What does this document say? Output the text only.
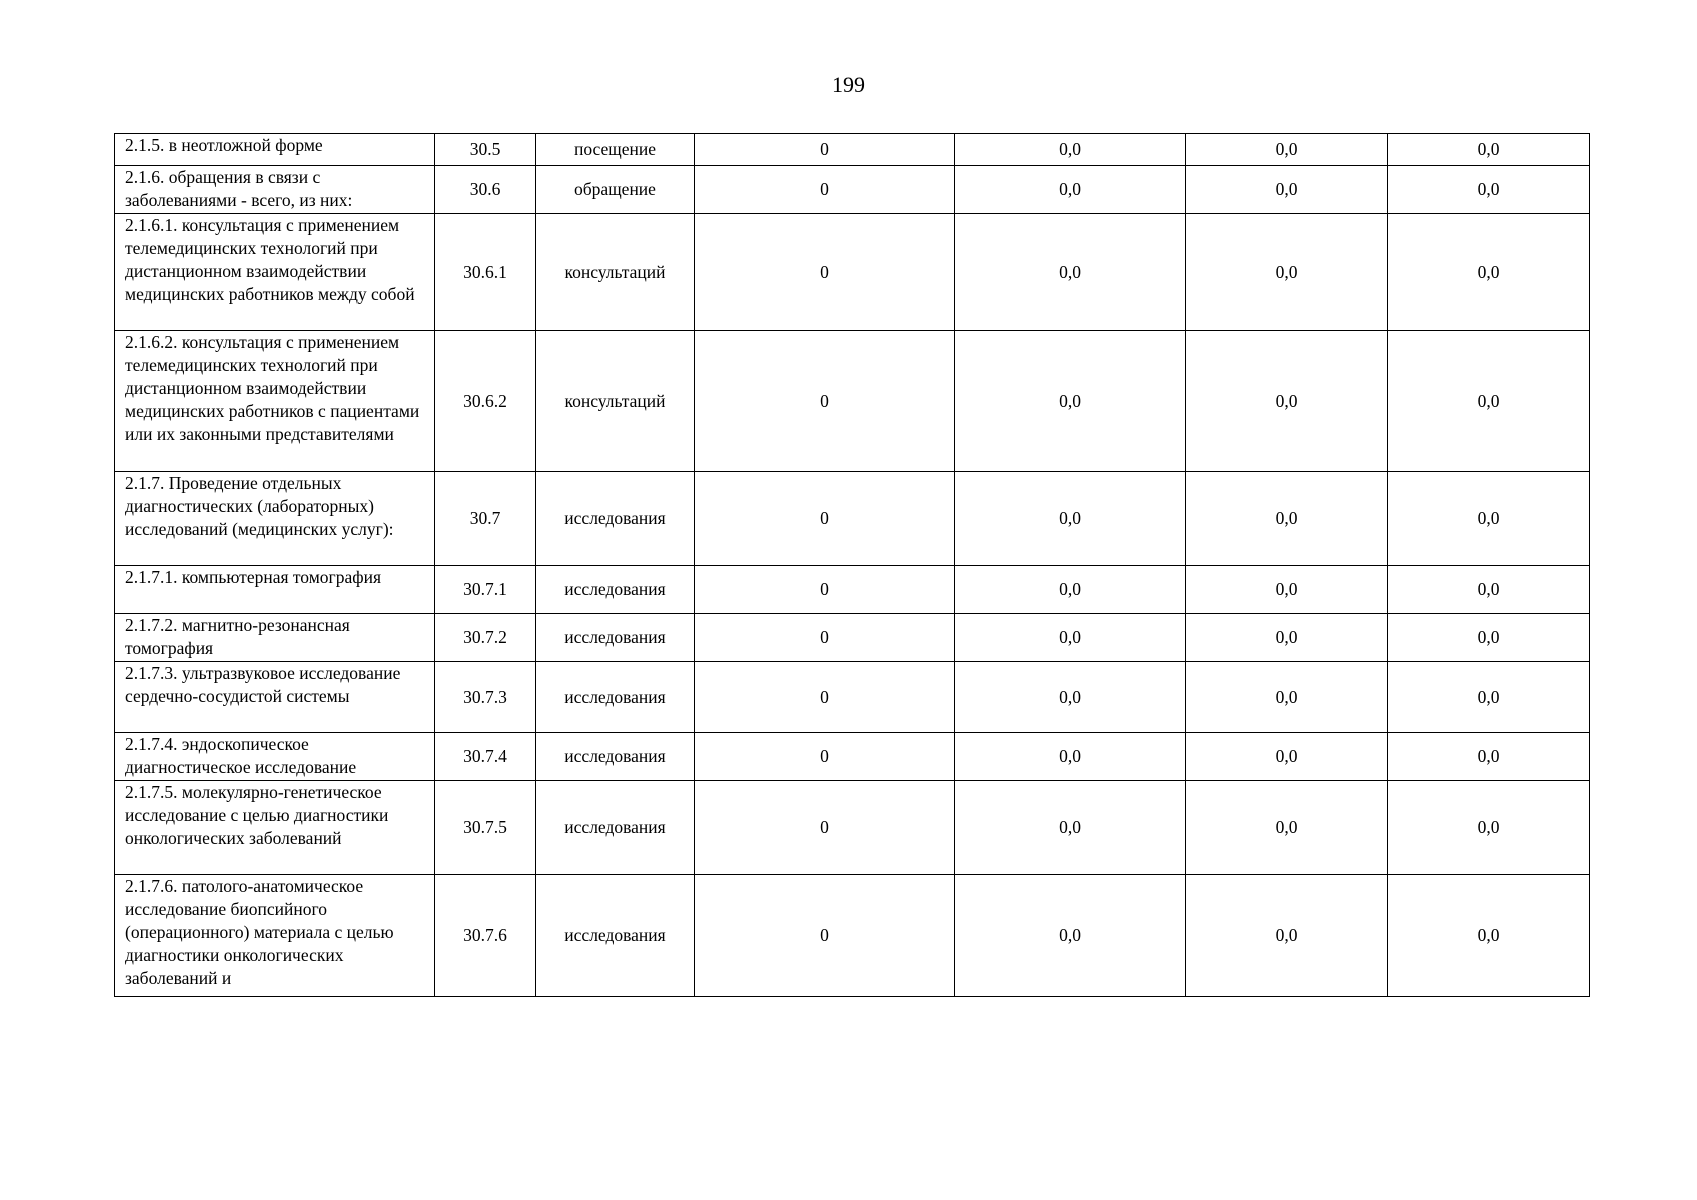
199
2.1.5. в неотложной форме	30.5	посещение	0	0,0	0,0	0,0
2.1.6. обращения в связи с заболеваниями - всего, из них:	30.6	обращение	0	0,0	0,0	0,0
2.1.6.1. консультация с применением телемедицинских технологий при дистанционном взаимодействии медицинских работников между собой	30.6.1	консультаций	0	0,0	0,0	0,0
2.1.6.2. консультация с применением телемедицинских технологий при дистанционном взаимодействии медицинских работников с пациентами или их законными представителями	30.6.2	консультаций	0	0,0	0,0	0,0
2.1.7. Проведение отдельных диагностических (лабораторных) исследований (медицинских услуг):	30.7	исследования	0	0,0	0,0	0,0
2.1.7.1. компьютерная томография	30.7.1	исследования	0	0,0	0,0	0,0
2.1.7.2. магнитно-резонансная томография	30.7.2	исследования	0	0,0	0,0	0,0
2.1.7.3. ультразвуковое исследование сердечно-сосудистой системы	30.7.3	исследования	0	0,0	0,0	0,0
2.1.7.4. эндоскопическое диагностическое исследование	30.7.4	исследования	0	0,0	0,0	0,0
2.1.7.5. молекулярно-генетическое исследование с целью диагностики онкологических заболеваний	30.7.5	исследования	0	0,0	0,0	0,0
2.1.7.6. патолого-анатомическое исследование биопсийного (операционного) материала с целью диагностики онкологических заболеваний и	30.7.6	исследования	0	0,0	0,0	0,0
